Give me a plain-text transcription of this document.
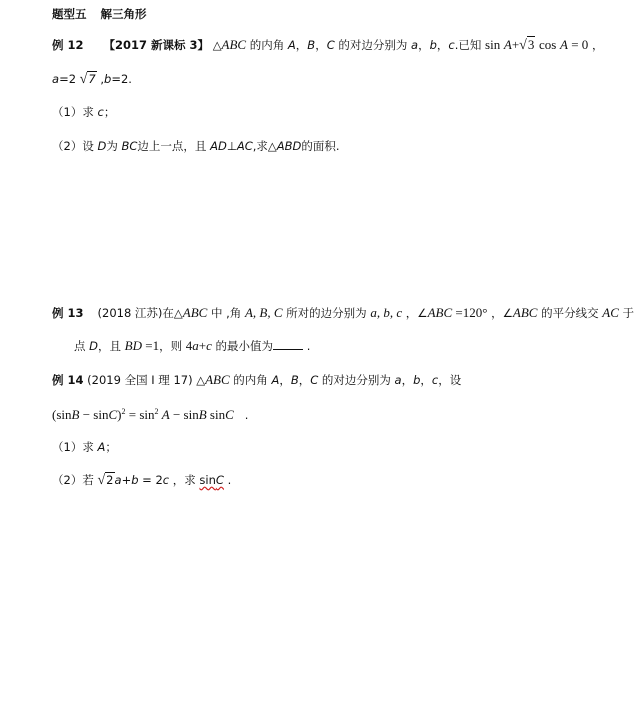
题型五 解三角形
例 12 【2017 新课标 3】 △ABC 的内角 A，B，C 的对边分别为 a，b，c.已知 sin A+√3 cos A = 0 ，
a=2 √7 ,b=2.
（1）求 c；
（2）设 D为 BC边上一点，且 AD⊥AC,求△ABD的面积.
例 13 (2018 江苏)在△ABC 中 ,角 A, B, C 所对的边分别为 a, b, c ，∠ABC =120° ，∠ABC 的平分线交 AC 于
点 D，且 BD =1，则 4a+c 的最小值为	.
例 14 (2019 全国 I 理 17) △ABC 的内角 A，B，C 的对边分别为 a，b，c，设
$(\sin B - \sin C)^2 = \sin^2 A - \sin B$ sinC   .
（1）求 A；
（2）若 √2a+b = 2c ，求 sinC .
